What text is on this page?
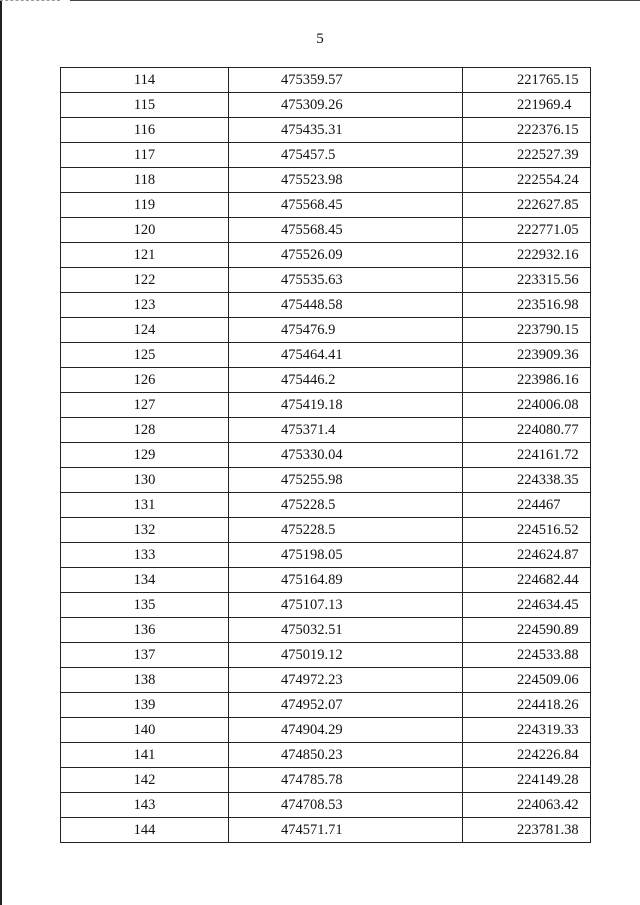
5
114	475359.57	221765.15
115	475309.26	221969.4
116	475435.31	222376.15
117	475457.5	222527.39
118	475523.98	222554.24
119	475568.45	222627.85
120	475568.45	222771.05
121	475526.09	222932.16
122	475535.63	223315.56
123	475448.58	223516.98
124	475476.9	223790.15
125	475464.41	223909.36
126	475446.2	223986.16
127	475419.18	224006.08
128	475371.4	224080.77
129	475330.04	224161.72
130	475255.98	224338.35
131	475228.5	224467
132	475228.5	224516.52
133	475198.05	224624.87
134	475164.89	224682.44
135	475107.13	224634.45
136	475032.51	224590.89
137	475019.12	224533.88
138	474972.23	224509.06
139	474952.07	224418.26
140	474904.29	224319.33
141	474850.23	224226.84
142	474785.78	224149.28
143	474708.53	224063.42
144	474571.71	223781.38
